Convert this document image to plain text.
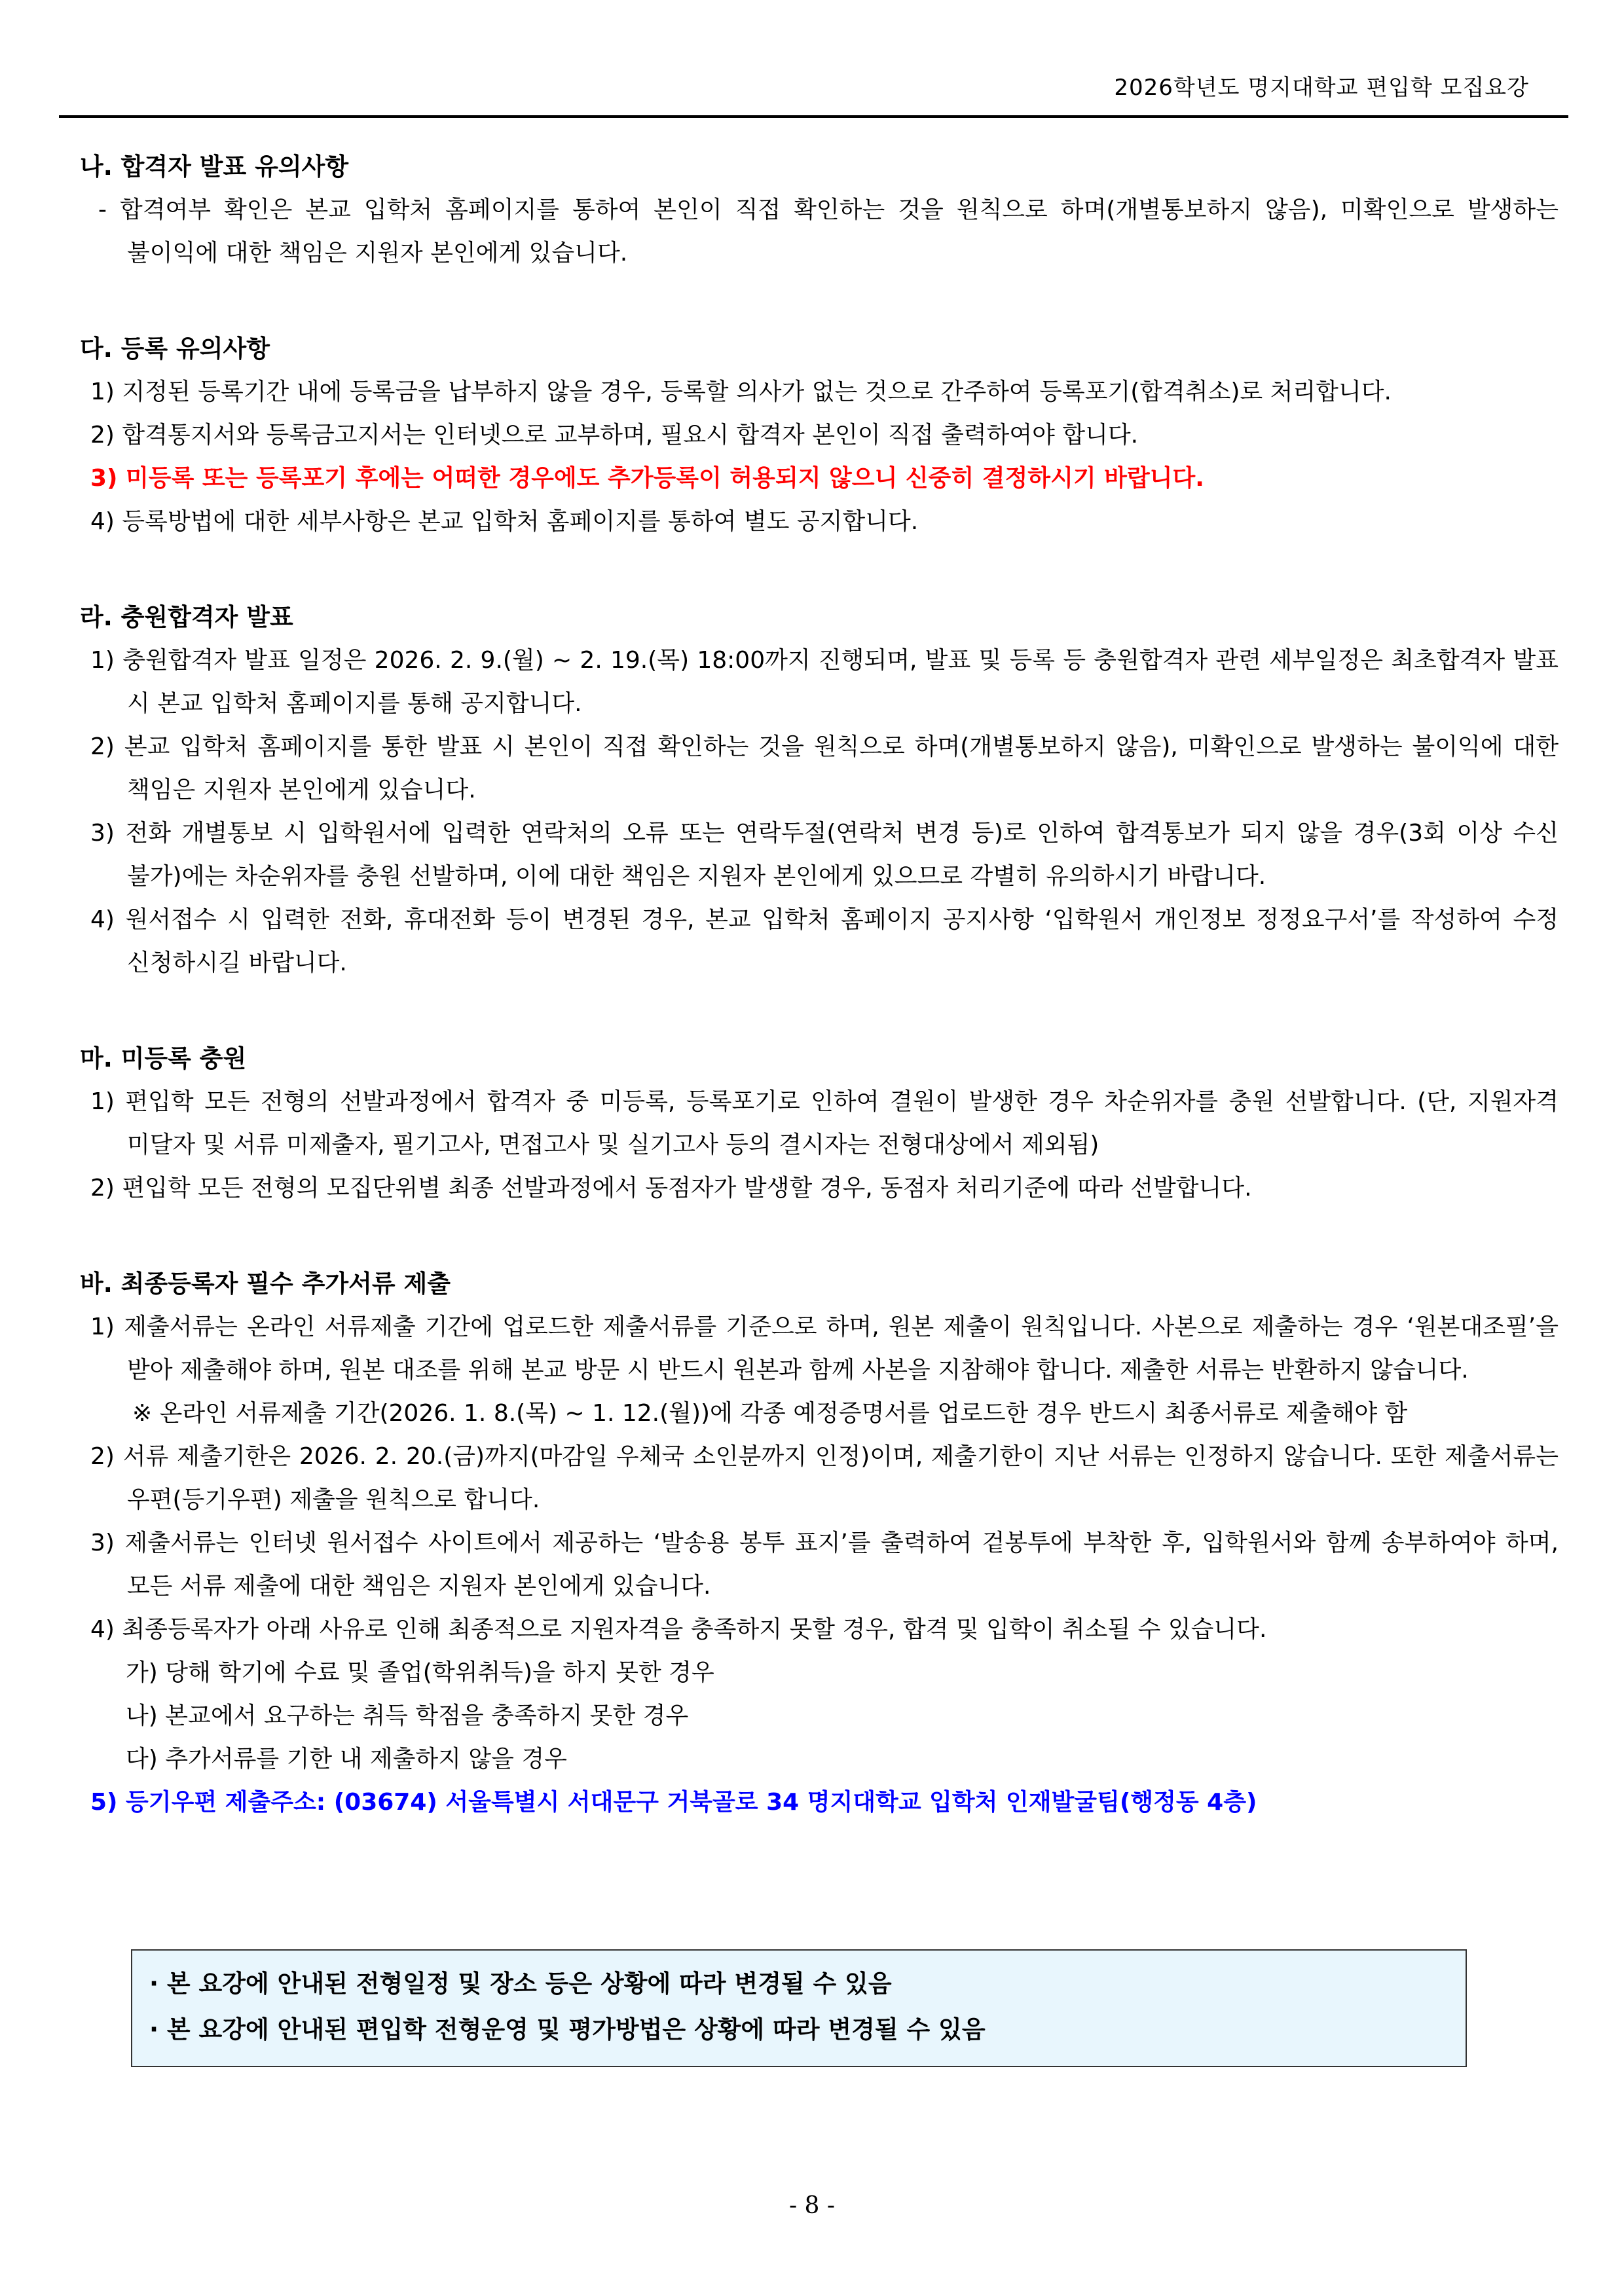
2026학년도 명지대학교 편입학 모집요강

나. 합격자 발표 유의사항

- 합격여부 확인은 본교 입학처 홈페이지를 통하여 본인이 직접 확인하는 것을 원칙으로 하며(개별통보하지 않음), 미확인으로 발생하는 불이익에 대한 책임은 지원자 본인에게 있습니다.

다. 등록 유의사항

1) 지정된 등록기간 내에 등록금을 납부하지 않을 경우, 등록할 의사가 없는 것으로 간주하여 등록포기(합격취소)로 처리합니다.

2) 합격통지서와 등록금고지서는 인터넷으로 교부하며, 필요시 합격자 본인이 직접 출력하여야 합니다.

3) 미등록 또는 등록포기 후에는 어떠한 경우에도 추가등록이 허용되지 않으니 신중히 결정하시기 바랍니다.

4) 등록방법에 대한 세부사항은 본교 입학처 홈페이지를 통하여 별도 공지합니다.

라. 충원합격자 발표

1) 충원합격자 발표 일정은 2026. 2. 9.(월) ~ 2. 19.(목) 18:00까지 진행되며, 발표 및 등록 등 충원합격자 관련 세부일정은 최초합격자 발표 시 본교 입학처 홈페이지를 통해 공지합니다.

2) 본교 입학처 홈페이지를 통한 발표 시 본인이 직접 확인하는 것을 원칙으로 하며(개별통보하지 않음), 미확인으로 발생하는 불이익에 대한 책임은 지원자 본인에게 있습니다.

3) 전화 개별통보 시 입학원서에 입력한 연락처의 오류 또는 연락두절(연락처 변경 등)로 인하여 합격통보가 되지 않을 경우(3회 이상 수신 불가)에는 차순위자를 충원 선발하며, 이에 대한 책임은 지원자 본인에게 있으므로 각별히 유의하시기 바랍니다.

4) 원서접수 시 입력한 전화, 휴대전화 등이 변경된 경우, 본교 입학처 홈페이지 공지사항 ‘입학원서 개인정보 정정요구서’를 작성하여 수정 신청하시길 바랍니다.

마. 미등록 충원

1) 편입학 모든 전형의 선발과정에서 합격자 중 미등록, 등록포기로 인하여 결원이 발생한 경우 차순위자를 충원 선발합니다. (단, 지원자격 미달자 및 서류 미제출자, 필기고사, 면접고사 및 실기고사 등의 결시자는 전형대상에서 제외됨)

2) 편입학 모든 전형의 모집단위별 최종 선발과정에서 동점자가 발생할 경우, 동점자 처리기준에 따라 선발합니다.

바. 최종등록자 필수 추가서류 제출

1) 제출서류는 온라인 서류제출 기간에 업로드한 제출서류를 기준으로 하며, 원본 제출이 원칙입니다. 사본으로 제출하는 경우 ‘원본대조필’을 받아 제출해야 하며, 원본 대조를 위해 본교 방문 시 반드시 원본과 함께 사본을 지참해야 합니다. 제출한 서류는 반환하지 않습니다.

※ 온라인 서류제출 기간(2026. 1. 8.(목) ~ 1. 12.(월))에 각종 예정증명서를 업로드한 경우 반드시 최종서류로 제출해야 함

2) 서류 제출기한은 2026. 2. 20.(금)까지(마감일 우체국 소인분까지 인정)이며, 제출기한이 지난 서류는 인정하지 않습니다. 또한 제출서류는 우편(등기우편) 제출을 원칙으로 합니다.

3) 제출서류는 인터넷 원서접수 사이트에서 제공하는 ‘발송용 봉투 표지’를 출력하여 겉봉투에 부착한 후, 입학원서와 함께 송부하여야 하며, 모든 서류 제출에 대한 책임은 지원자 본인에게 있습니다.

4) 최종등록자가 아래 사유로 인해 최종적으로 지원자격을 충족하지 못할 경우, 합격 및 입학이 취소될 수 있습니다.

가) 당해 학기에 수료 및 졸업(학위취득)을 하지 못한 경우

나) 본교에서 요구하는 취득 학점을 충족하지 못한 경우

다) 추가서류를 기한 내 제출하지 않을 경우

5) 등기우편 제출주소: (03674) 서울특별시 서대문구 거북골로 34 명지대학교 입학처 인재발굴팀(행정동 4층)

· 본 요강에 안내된 전형일정 및 장소 등은 상황에 따라 변경될 수 있음

· 본 요강에 안내된 편입학 전형운영 및 평가방법은 상황에 따라 변경될 수 있음

- 8 -
